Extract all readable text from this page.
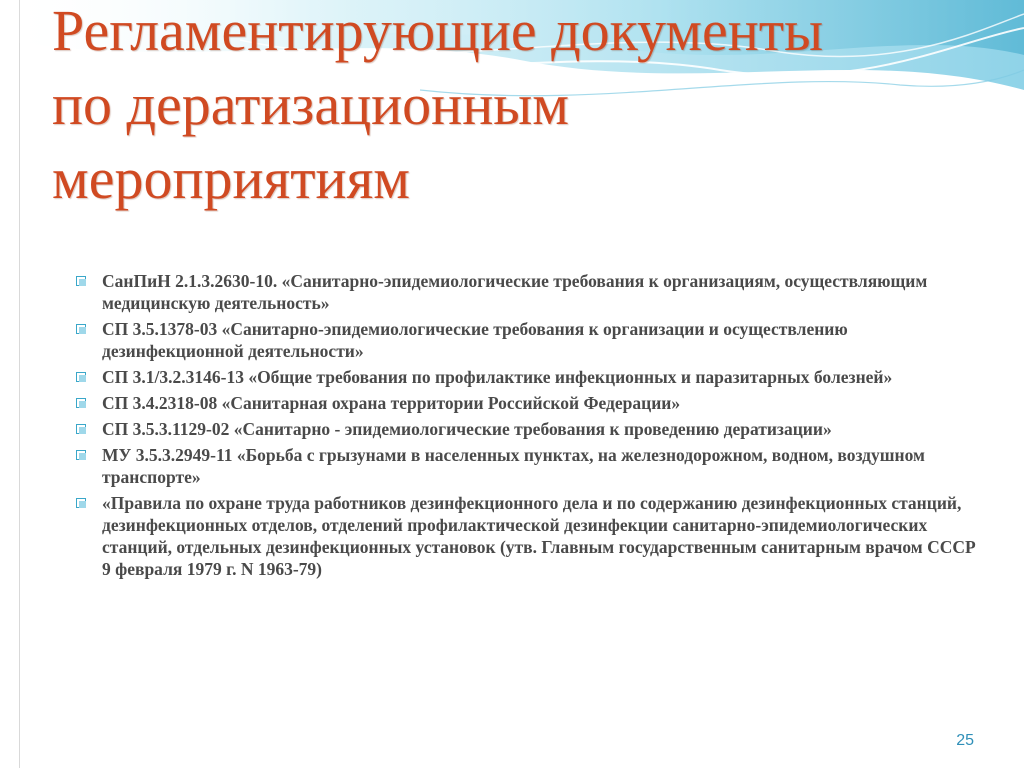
Регламентирующие документы
по дератизационным
мероприятиям
СанПиН 2.1.3.2630-10. «Санитарно-эпидемиологические требования к организациям, осуществляющим медицинскую деятельность»
СП 3.5.1378-03 «Санитарно-эпидемиологические требования к организации и осуществлению дезинфекционной деятельности»
СП 3.1/3.2.3146-13 «Общие требования по профилактике инфекционных и паразитарных болезней»
СП 3.4.2318-08 «Санитарная охрана территории Российской Федерации»
СП 3.5.3.1129-02 «Санитарно - эпидемиологические требования к проведению дератизации»
МУ 3.5.3.2949-11 «Борьба с грызунами в населенных пунктах, на железнодорожном, водном, воздушном транспорте»
«Правила по охране труда работников дезинфекционного дела и по содержанию дезинфекционных станций, дезинфекционных отделов, отделений профилактической дезинфекции санитарно-эпидемиологических станций, отдельных дезинфекционных установок (утв. Главным государственным санитарным врачом СССР 9 февраля 1979 г. N 1963-79)
25
